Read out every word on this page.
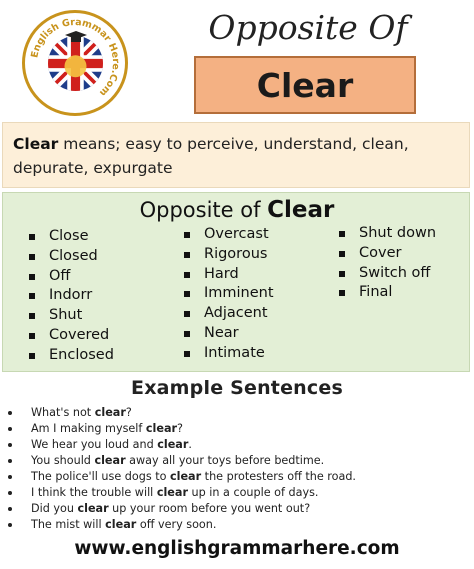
English Grammar Here.Com
Opposite Of
Clear
Clear means; easy to perceive, understand, clean, depurate, expurgate
Opposite of Clear
Close
Closed
Off
Indorr
Shut
Covered
Enclosed
Overcast
Rigorous
Hard
Imminent
Adjacent
Near
Intimate
Shut down
Cover
Switch off
Final
Example Sentences
What's not clear?
Am I making myself clear?
We hear you loud and clear.
You should clear away all your toys before bedtime.
The police'll use dogs to clear the protesters off the road.
I think the trouble will clear up in a couple of days.
Did you clear up your room before you went out?
The mist will clear off very soon.
www.englishgrammarhere.com
